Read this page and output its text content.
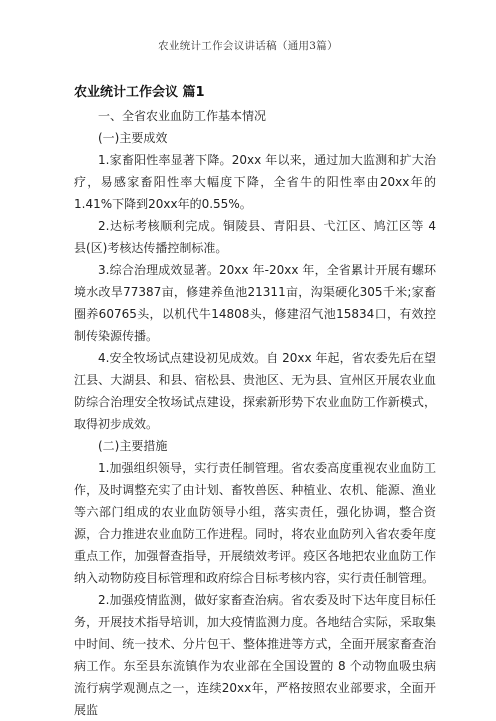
农业统计工作会议讲话稿（通用3篇）
农业统计工作会议 篇1

一、全省农业血防工作基本情况

(一)主要成效

1.家畜阳性率显著下降。20xx 年以来，通过加大监测和扩大治疗，易感家畜阳性率大幅度下降，全省牛的阳性率由20xx年的1.41%下降到20xx年的0.55%。

2.达标考核顺利完成。铜陵县、青阳县、弋江区、鸠江区等 4 县(区)考核达传播控制标准。

3.综合治理成效显著。20xx 年-20xx 年，全省累计开展有螺环境水改旱77387亩，修建养鱼池21311亩，沟渠硬化305千米;家畜圈养60765头，以机代牛14808头，修建沼气池15834口，有效控制传染源传播。

4.安全牧场试点建设初见成效。自 20xx 年起，省农委先后在望江县、大湖县、和县、宿松县、贵池区、无为县、宣州区开展农业血防综合治理安全牧场试点建设，探索新形势下农业血防工作新模式，取得初步成效。

(二)主要措施

1.加强组织领导，实行责任制管理。省农委高度重视农业血防工作，及时调整充实了由计划、畜牧兽医、种植业、农机、能源、渔业等六部门组成的农业血防领导小组，落实责任，强化协调，整合资源，合力推进农业血防工作进程。同时，将农业血防列入省农委年度重点工作，加强督查指导，开展绩效考评。疫区各地把农业血防工作纳入动物防疫目标管理和政府综合目标考核内容，实行责任制管理。

2.加强疫情监测，做好家畜查治病。省农委及时下达年度目标任务，开展技术指导培训，加大疫情监测力度。各地结合实际，采取集中时间、统一技术、分片包干、整体推进等方式，全面开展家畜查治病工作。东至县东流镇作为农业部在全国设置的 8 个动物血吸虫病流行病学观测点之一，连续20xx年，严格按照农业部要求，全面开展监
